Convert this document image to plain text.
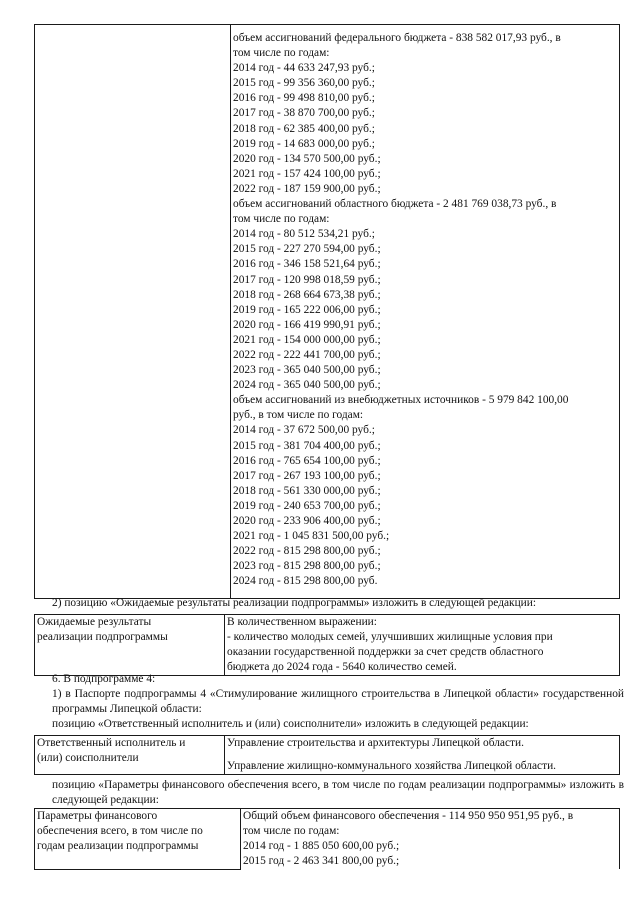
объем ассигнований федерального бюджета - 838 582 017,93 руб., в
том числе по годам:
2014 год - 44 633 247,93 руб.;
2015 год - 99 356 360,00 руб.;
2016 год - 99 498 810,00 руб.;
2017 год - 38 870 700,00 руб.;
2018 год - 62 385 400,00 руб.;
2019 год - 14 683 000,00 руб.;
2020 год - 134 570 500,00 руб.;
2021 год - 157 424 100,00 руб.;
2022 год - 187 159 900,00 руб.;
объем ассигнований областного бюджета - 2 481 769 038,73 руб., в
том числе по годам:
2014 год - 80 512 534,21 руб.;
2015 год - 227 270 594,00 руб.;
2016 год - 346 158 521,64 руб.;
2017 год - 120 998 018,59 руб.;
2018 год - 268 664 673,38 руб.;
2019 год - 165 222 006,00 руб.;
2020 год - 166 419 990,91 руб.;
2021 год - 154 000 000,00 руб.;
2022 год - 222 441 700,00 руб.;
2023 год - 365 040 500,00 руб.;
2024 год - 365 040 500,00 руб.;
объем ассигнований из внебюджетных источников - 5 979 842 100,00
руб., в том числе по годам:
2014 год - 37 672 500,00 руб.;
2015 год - 381 704 400,00 руб.;
2016 год - 765 654 100,00 руб.;
2017 год - 267 193 100,00 руб.;
2018 год - 561 330 000,00 руб.;
2019 год - 240 653 700,00 руб.;
2020 год - 233 906 400,00 руб.;
2021 год - 1 045 831 500,00 руб.;
2022 год - 815 298 800,00 руб.;
2023 год - 815 298 800,00 руб.;
2024 год - 815 298 800,00 руб.
2) позицию «Ожидаемые результаты реализации подпрограммы» изложить в следующей редакции:
Ожидаемые результаты
реализации подпрограммы

В количественном выражении:
- количество молодых семей, улучшивших жилищные условия при
оказании государственной поддержки за счет средств областного
бюджета до 2024 года - 5640 количество семей.
6. В подпрограмме 4:
1) в Паспорте подпрограммы 4 «Стимулирование жилищного строительства в Липецкой области» государственной программы Липецкой области:
позицию «Ответственный исполнитель и (или) соисполнители» изложить в следующей редакции:
Ответственный исполнитель и
(или) соисполнители

Управление строительства и архитектуры Липецкой области.
Управление жилищно-коммунального хозяйства Липецкой области.
позицию «Параметры финансового обеспечения всего, в том числе по годам реализации подпрограммы» изложить в следующей редакции:
Параметры финансового
обеспечения всего, в том числе по
годам реализации подпрограммы

Общий объем финансового обеспечения - 114 950 950 951,95 руб., в
том числе по годам:
2014 год - 1 885 050 600,00 руб.;
2015 год - 2 463 341 800,00 руб.;
